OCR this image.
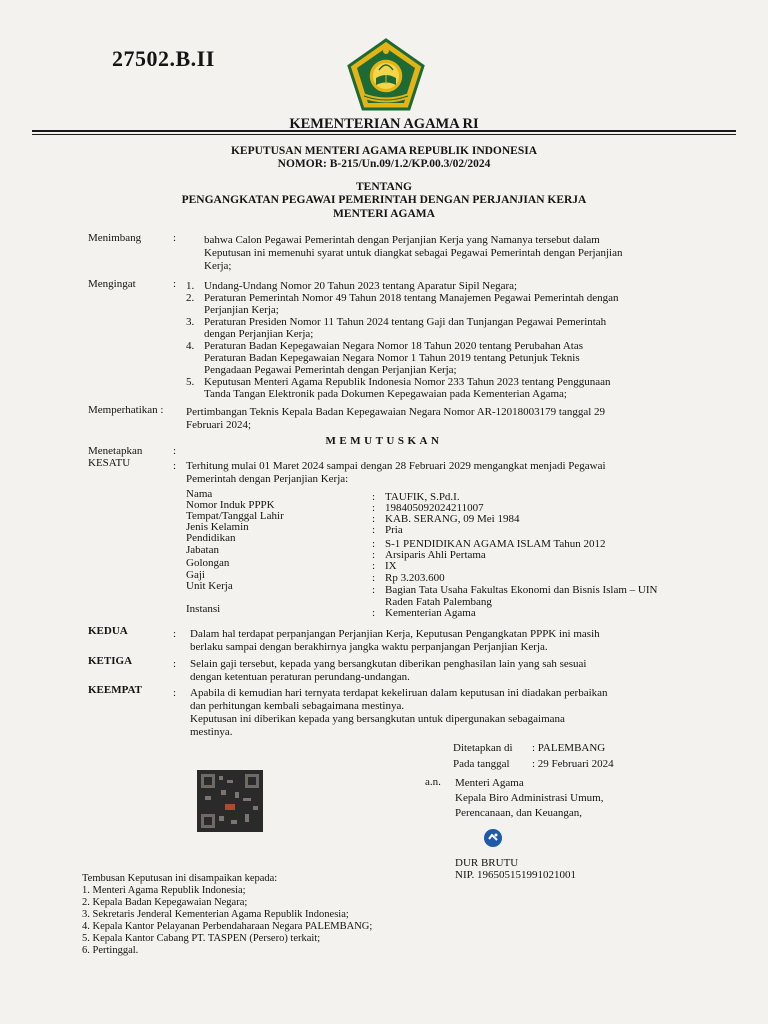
27502.B.II
KEMENTERIAN AGAMA RI
KEPUTUSAN MENTERI AGAMA REPUBLIK INDONESIA
NOMOR: B-215/Un.09/1.2/KP.00.3/02/2024
TENTANG
PENGANGKATAN PEGAWAI PEMERINTAH DENGAN PERJANJIAN KERJA
MENTERI AGAMA
Menimbang	:	bahwa Calon Pegawai Pemerintah dengan Perjanjian Kerja yang Namanya tersebut dalam
Keputusan ini memenuhi syarat untuk diangkat sebagai Pegawai Pemerintah dengan Perjanjian
Kerja;
Mengingat	: 1. Undang-Undang Nomor 20 Tahun 2023 tentang Aparatur Sipil Negara;
2. Peraturan Pemerintah Nomor 49 Tahun 2018 tentang Manajemen Pegawai Pemerintah dengan
Perjanjian Kerja;
3. Peraturan Presiden Nomor 11 Tahun 2024 tentang Gaji dan Tunjangan Pegawai Pemerintah
dengan Perjanjian Kerja;
4. Peraturan Badan Kepegawaian Negara Nomor 18 Tahun 2020 tentang Perubahan Atas
Peraturan Badan Kepegawaian Negara Nomor 1 Tahun 2019 tentang Petunjuk Teknis
Pengadaan Pegawai Pemerintah dengan Perjanjian Kerja;
5. Keputusan Menteri Agama Republik Indonesia Nomor 233 Tahun 2023 tentang Penggunaan
Tanda Tangan Elektronik pada Dokumen Kepegawaian pada Kementerian Agama;
Memperhatikan : Pertimbangan Teknis Kepala Badan Kepegawaian Negara Nomor AR-12018003179 tanggal 29
Februari 2024;
MEMUTUSKAN
Menetapkan	:
KESATU	: Terhitung mulai 01 Maret 2024 sampai dengan 28 Februari 2029 mengangkat menjadi Pegawai
Pemerintah dengan Perjanjian Kerja:
Nama	: TAUFIK, S.Pd.I.
Nomor Induk PPPK	: 198405092024211007
Tempat/Tanggal Lahir	: KAB. SERANG, 09 Mei 1984
Jenis Kelamin	: Pria
Pendidikan	: S-1 PENDIDIKAN AGAMA ISLAM Tahun 2012
Jabatan	: Arsiparis Ahli Pertama
Golongan	: IX
Gaji	: Rp 3.203.600
Unit Kerja	: Bagian Tata Usaha Fakultas Ekonomi dan Bisnis Islam – UIN
Raden Fatah Palembang
Instansi	: Kementerian Agama
KEDUA	: Dalam hal terdapat perpanjangan Perjanjian Kerja, Keputusan Pengangkatan PPPK ini masih
berlaku sampai dengan berakhirnya jangka waktu perpanjangan Perjanjian Kerja.
KETIGA	: Selain gaji tersebut, kepada yang bersangkutan diberikan penghasilan lain yang sah sesuai
dengan ketentuan peraturan perundang-undangan.
KEEMPAT	: Apabila di kemudian hari ternyata terdapat kekeliruan dalam keputusan ini diadakan perbaikan
dan perhitungan kembali sebagaimana mestinya.
Keputusan ini diberikan kepada yang bersangkutan untuk dipergunakan sebagaimana
mestinya.
Ditetapkan di : PALEMBANG
Pada tanggal : 29 Februari 2024
a.n. Menteri Agama
Kepala Biro Administrasi Umum,
Perencanaan, dan Keuangan,
DUR BRUTU
NIP. 196505151991021001
Tembusan Keputusan ini disampaikan kepada:
1. Menteri Agama Republik Indonesia;
2. Kepala Badan Kepegawaian Negara;
3. Sekretaris Jenderal Kementerian Agama Republik Indonesia;
4. Kepala Kantor Pelayanan Perbendaharaan Negara PALEMBANG;
5. Kepala Kantor Cabang PT. TASPEN (Persero) terkait;
6. Pertinggal.
